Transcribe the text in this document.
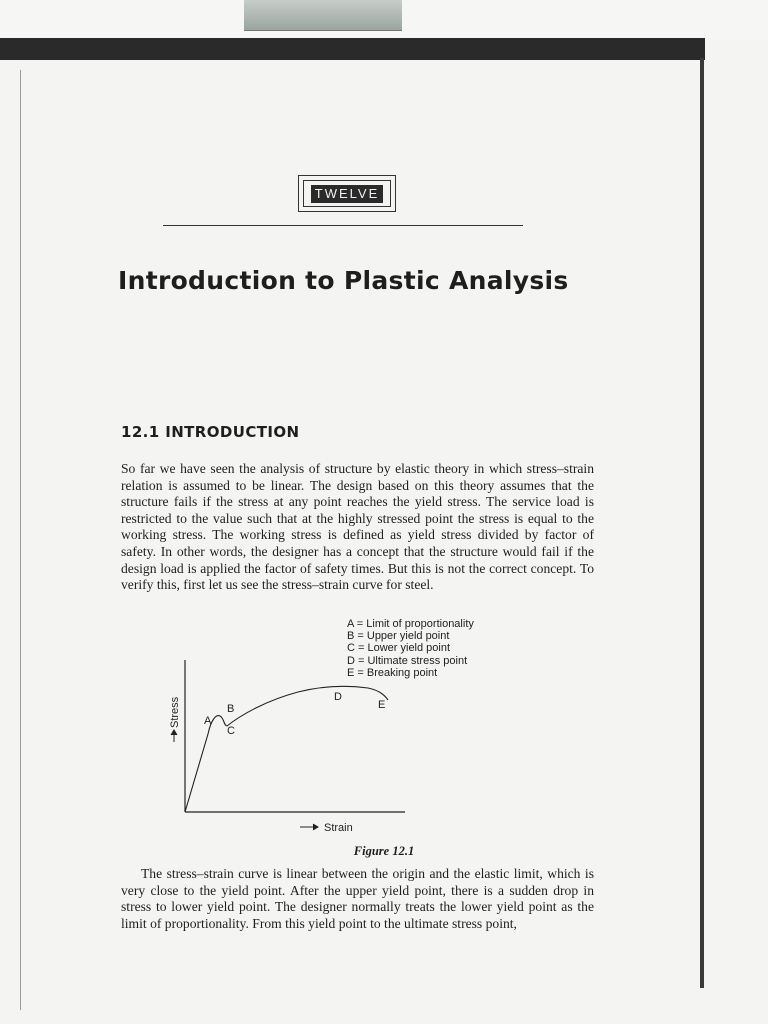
TWELVE
Introduction to Plastic Analysis
12.1 INTRODUCTION

So far we have seen the analysis of structure by elastic theory in which stress–strain relation is assumed to be linear. The design based on this theory assumes that the structure fails if the stress at any point reaches the yield stress. The service load is restricted to the value such that at the highly stressed point the stress is equal to the working stress. The working stress is defined as yield stress divided by factor of safety. In other words, the designer has a concept that the structure would fail if the design load is applied the factor of safety times. But this is not the correct concept. To verify this, first let us see the stress–strain curve for steel.

A = Limit of proportionality
B = Upper yield point
C = Lower yield point
D = Ultimate stress point
E = Breaking point
A
B
C
D
E
Stress
Strain

Figure 12.1

The stress–strain curve is linear between the origin and the elastic limit, which is very close to the yield point. After the upper yield point, there is a sudden drop in stress to lower yield point. The designer normally treats the lower yield point as the limit of proportionality. From this yield point to the ultimate stress point,
